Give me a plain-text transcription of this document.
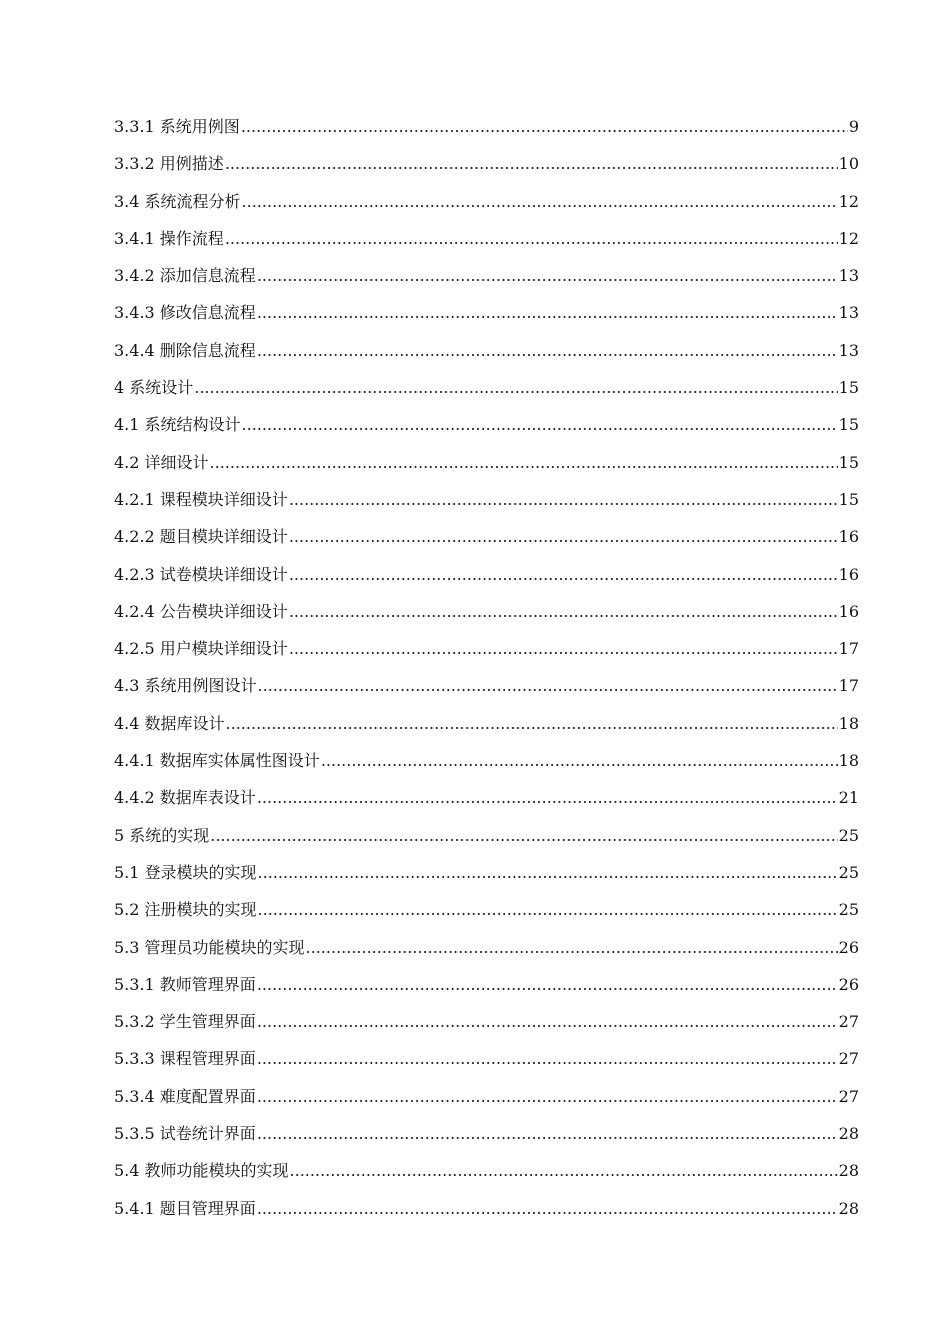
3.3.1 系统用例图 .....	9
3.3.2 用例描述 .....	10
3.4 系统流程分析 .....	12
3.4.1 操作流程 .....	12
3.4.2 添加信息流程 .....	13
3.4.3 修改信息流程 .....	13
3.4.4 删除信息流程 .....	13
4 系统设计 .....	15
4.1 系统结构设计 .....	15
4.2 详细设计 .....	15
4.2.1 课程模块详细设计 .....	15
4.2.2 题目模块详细设计 .....	16
4.2.3 试卷模块详细设计 .....	16
4.2.4 公告模块详细设计 .....	16
4.2.5 用户模块详细设计 .....	17
4.3 系统用例图设计 .....	17
4.4 数据库设计 .....	18
4.4.1 数据库实体属性图设计 .....	18
4.4.2 数据库表设计 .....	21
5 系统的实现 .....	25
5.1 登录模块的实现 .....	25
5.2 注册模块的实现 .....	25
5.3 管理员功能模块的实现 .....	26
5.3.1 教师管理界面 .....	26
5.3.2 学生管理界面 .....	27
5.3.3 课程管理界面 .....	27
5.3.4 难度配置界面 .....	27
5.3.5 试卷统计界面 .....	28
5.4 教师功能模块的实现 .....	28
5.4.1 题目管理界面 .....	28
